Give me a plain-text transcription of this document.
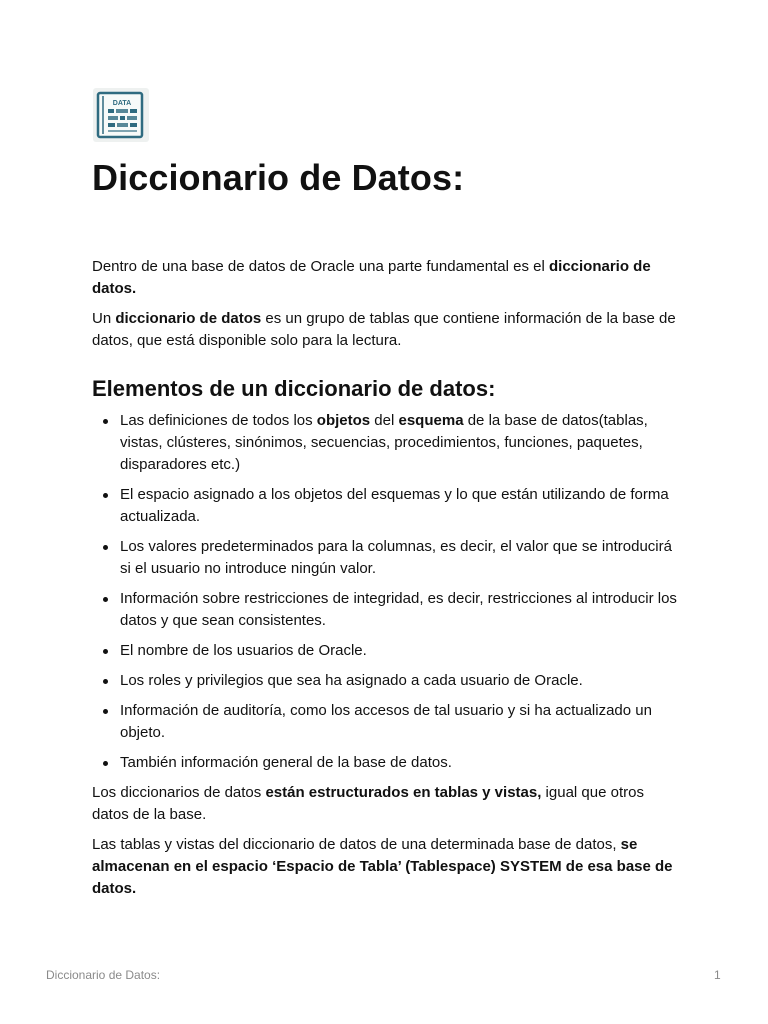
DATA
Diccionario de Datos:

Dentro de una base de datos de Oracle una parte fundamental es el diccionario de datos.

Un diccionario de datos es un grupo de tablas que contiene información de la base de datos, que está disponible solo para la lectura.

Elementos de un diccionario de datos:
Las definiciones de todos los objetos del esquema de la base de datos(tablas, vistas, clústeres, sinónimos, secuencias, procedimientos, funciones, paquetes, disparadores etc.)
El espacio asignado a los objetos del esquemas y lo que están utilizando de forma actualizada.
Los valores predeterminados para la columnas, es decir, el valor que se introducirá si el usuario no introduce ningún valor.
Información sobre restricciones de integridad, es decir, restricciones al introducir los datos y que sean consistentes.
El nombre de los usuarios de Oracle.
Los roles y privilegios que sea ha asignado a cada usuario de Oracle.
Información de auditoría, como los accesos de tal usuario y si ha actualizado un objeto.
También información general de la base de datos.

Los diccionarios de datos están estructurados en tablas y vistas, igual que otros datos de la base.

Las tablas y vistas del diccionario de datos de una determinada base de datos, se almacenan en el espacio ‘Espacio de Tabla’ (Tablespace) SYSTEM de esa base de datos.

Diccionario de Datos:	1
